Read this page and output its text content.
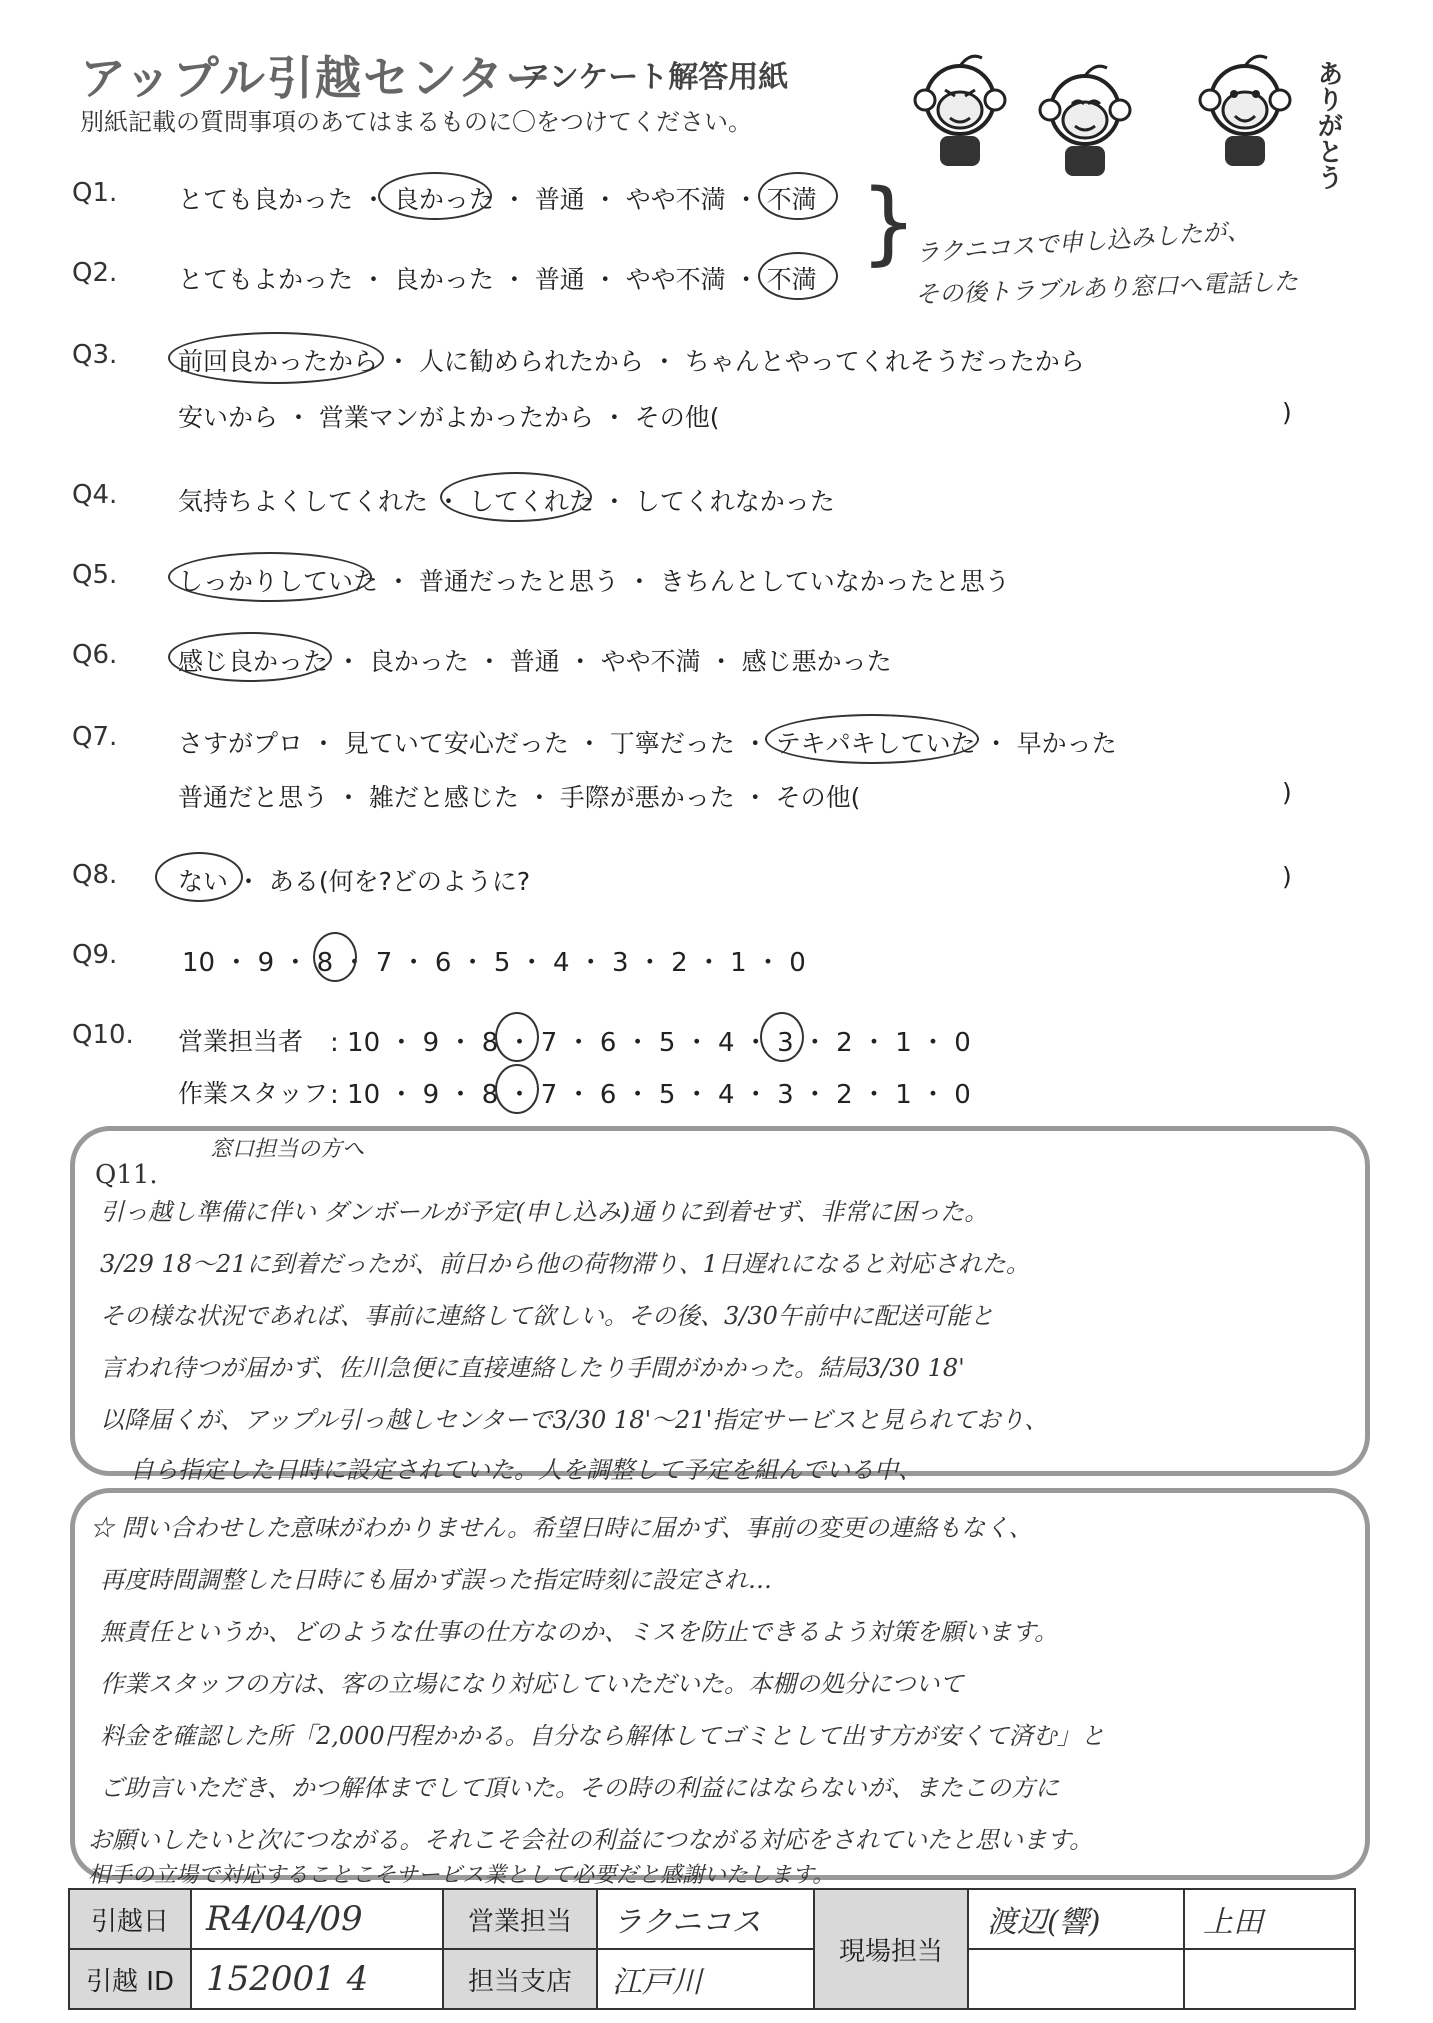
アップル引越センター
アンケート解答用紙
別紙記載の質問事項のあてはまるものに〇をつけてください。	ありがとう
Q1. とても良かった ・ 良かった ・ 普通 ・ やや不満 ・ 不満
Q2. とてもよかった ・ 良かった ・ 普通 ・ やや不満 ・ 不満
}
ラクニコスで申し込みしたが、
その後トラブルあり窓口へ電話した
Q3. 前回良かったから ・ 人に勧められたから ・ ちゃんとやってくれそうだったから
安いから ・ 営業マンがよかったから ・ その他(	)
Q4. 気持ちよくしてくれた ・ してくれた ・ してくれなかった
Q5. しっかりしていた ・ 普通だったと思う ・ きちんとしていなかったと思う
Q6. 感じ良かった ・ 良かった ・ 普通 ・ やや不満 ・ 感じ悪かった
Q7. さすがプロ ・ 見ていて安心だった ・ 丁寧だった ・ テキパキしていた ・ 早かった
普通だと思う ・ 雑だと感じた ・ 手際が悪かった ・ その他(	)
Q8. ない ・ ある(何を?どのように?	)
Q9. 10 ・ 9 ・ 8 ・ 7 ・ 6 ・ 5 ・ 4 ・ 3 ・ 2 ・ 1 ・ 0
Q10. 営業担当者 : 10 ・ 9 ・ 8 ・ 7 ・ 6 ・ 5 ・ 4 ・ 3 ・ 2 ・ 1 ・ 0
作業スタッフ : 10 ・ 9 ・ 8 ・ 7 ・ 6 ・ 5 ・ 4 ・ 3 ・ 2 ・ 1 ・ 0
Q11.
窓口担当の方へ
引っ越し準備に伴い ダンボールが予定(申し込み)通りに到着せず、非常に困った。
3/29 18〜21に到着だったが、前日から他の荷物滞り、1日遅れになると対応された。
その様な状況であれば、事前に連絡して欲しい。その後、3/30午前中に配送可能と
言われ待つが届かず、佐川急便に直接連絡したり手間がかかった。結局3/30 18'
以降届くが、アップル引っ越しセンターで3/30 18'〜21'指定サービスと見られており、
自ら指定した日時に設定されていた。人を調整して予定を組んでいる中、
☆ 問い合わせした意味がわかりません。希望日時に届かず、事前の変更の連絡もなく、
再度時間調整した日時にも届かず誤った指定時刻に設定され…
無責任というか、どのような仕事の仕方なのか、ミスを防止できるよう対策を願います。
作業スタッフの方は、客の立場になり対応していただいた。本棚の処分について
料金を確認した所「2,000円程かかる。自分なら解体してゴミとして出す方が安くて済む」と
ご助言いただき、かつ解体までして頂いた。その時の利益にはならないが、またこの方に
お願いしたいと次につながる。それこそ会社の利益につながる対応をされていたと思います。
相手の立場で対応することこそサービス業として必要だと感謝いたします。
引越日	R4/04/09	営業担当	ラクニコス	現場担当	渡辺(響)	上田
引越 ID	152001 4	担当支店	江戸川			
